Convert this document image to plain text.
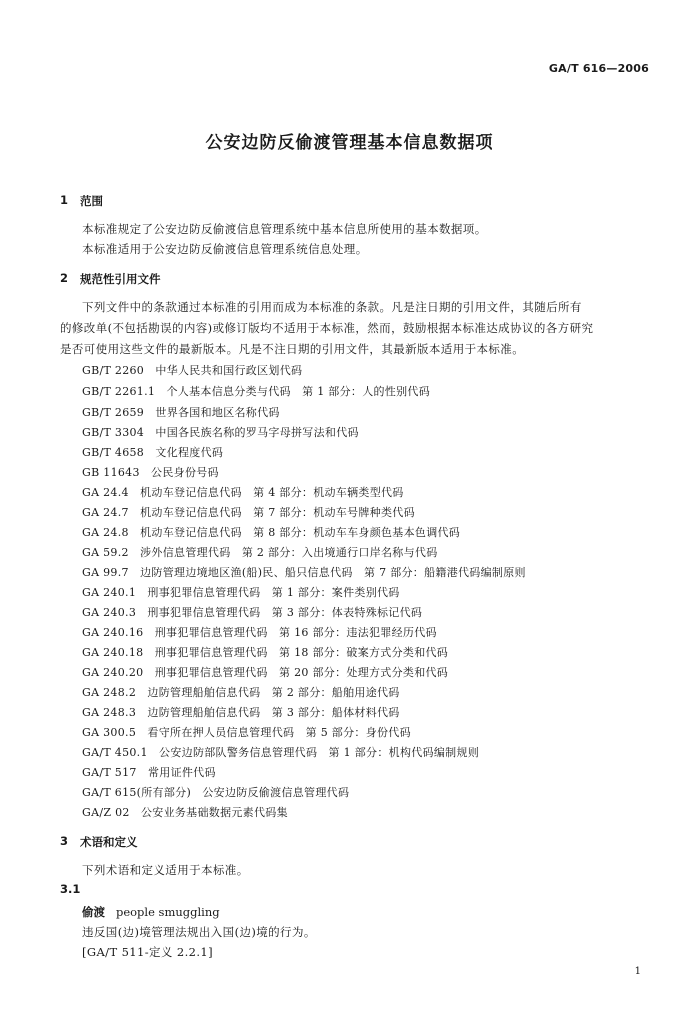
GA/T 616—2006
公安边防反偷渡管理基本信息数据项
1 范围
本标准规定了公安边防反偷渡信息管理系统中基本信息所使用的基本数据项。
本标准适用于公安边防反偷渡信息管理系统信息处理。
2 规范性引用文件
下列文件中的条款通过本标准的引用而成为本标准的条款。凡是注日期的引用文件，其随后所有
的修改单(不包括勘误的内容)或修订版均不适用于本标准，然而，鼓励根据本标准达成协议的各方研究
是否可使用这些文件的最新版本。凡是不注日期的引用文件，其最新版本适用于本标准。
GB/T 2260　中华人民共和国行政区划代码
GB/T 2261.1　个人基本信息分类与代码　第 1 部分：人的性别代码
GB/T 2659　世界各国和地区名称代码
GB/T 3304　中国各民族名称的罗马字母拼写法和代码
GB/T 4658　文化程度代码
GB 11643　公民身份号码
GA 24.4　机动车登记信息代码　第 4 部分：机动车辆类型代码
GA 24.7　机动车登记信息代码　第 7 部分：机动车号牌种类代码
GA 24.8　机动车登记信息代码　第 8 部分：机动车车身颜色基本色调代码
GA 59.2　涉外信息管理代码　第 2 部分：入出境通行口岸名称与代码
GA 99.7　边防管理边境地区渔(船)民、船只信息代码　第 7 部分：船籍港代码编制原则
GA 240.1　刑事犯罪信息管理代码　第 1 部分：案件类别代码
GA 240.3　刑事犯罪信息管理代码　第 3 部分：体表特殊标记代码
GA 240.16　刑事犯罪信息管理代码　第 16 部分：违法犯罪经历代码
GA 240.18　刑事犯罪信息管理代码　第 18 部分：破案方式分类和代码
GA 240.20　刑事犯罪信息管理代码　第 20 部分：处理方式分类和代码
GA 248.2　边防管理船舶信息代码　第 2 部分：船舶用途代码
GA 248.3　边防管理船舶信息代码　第 3 部分：船体材料代码
GA 300.5　看守所在押人员信息管理代码　第 5 部分：身份代码
GA/T 450.1　公安边防部队警务信息管理代码　第 1 部分：机构代码编制规则
GA/T 517　常用证件代码
GA/T 615(所有部分)　公安边防反偷渡信息管理代码
GA/Z 02　公安业务基础数据元素代码集
3 术语和定义
下列术语和定义适用于本标准。
3.1
偷渡 people smuggling
违反国(边)境管理法规出入国(边)境的行为。
[GA/T 511-定义 2.2.1]
1
